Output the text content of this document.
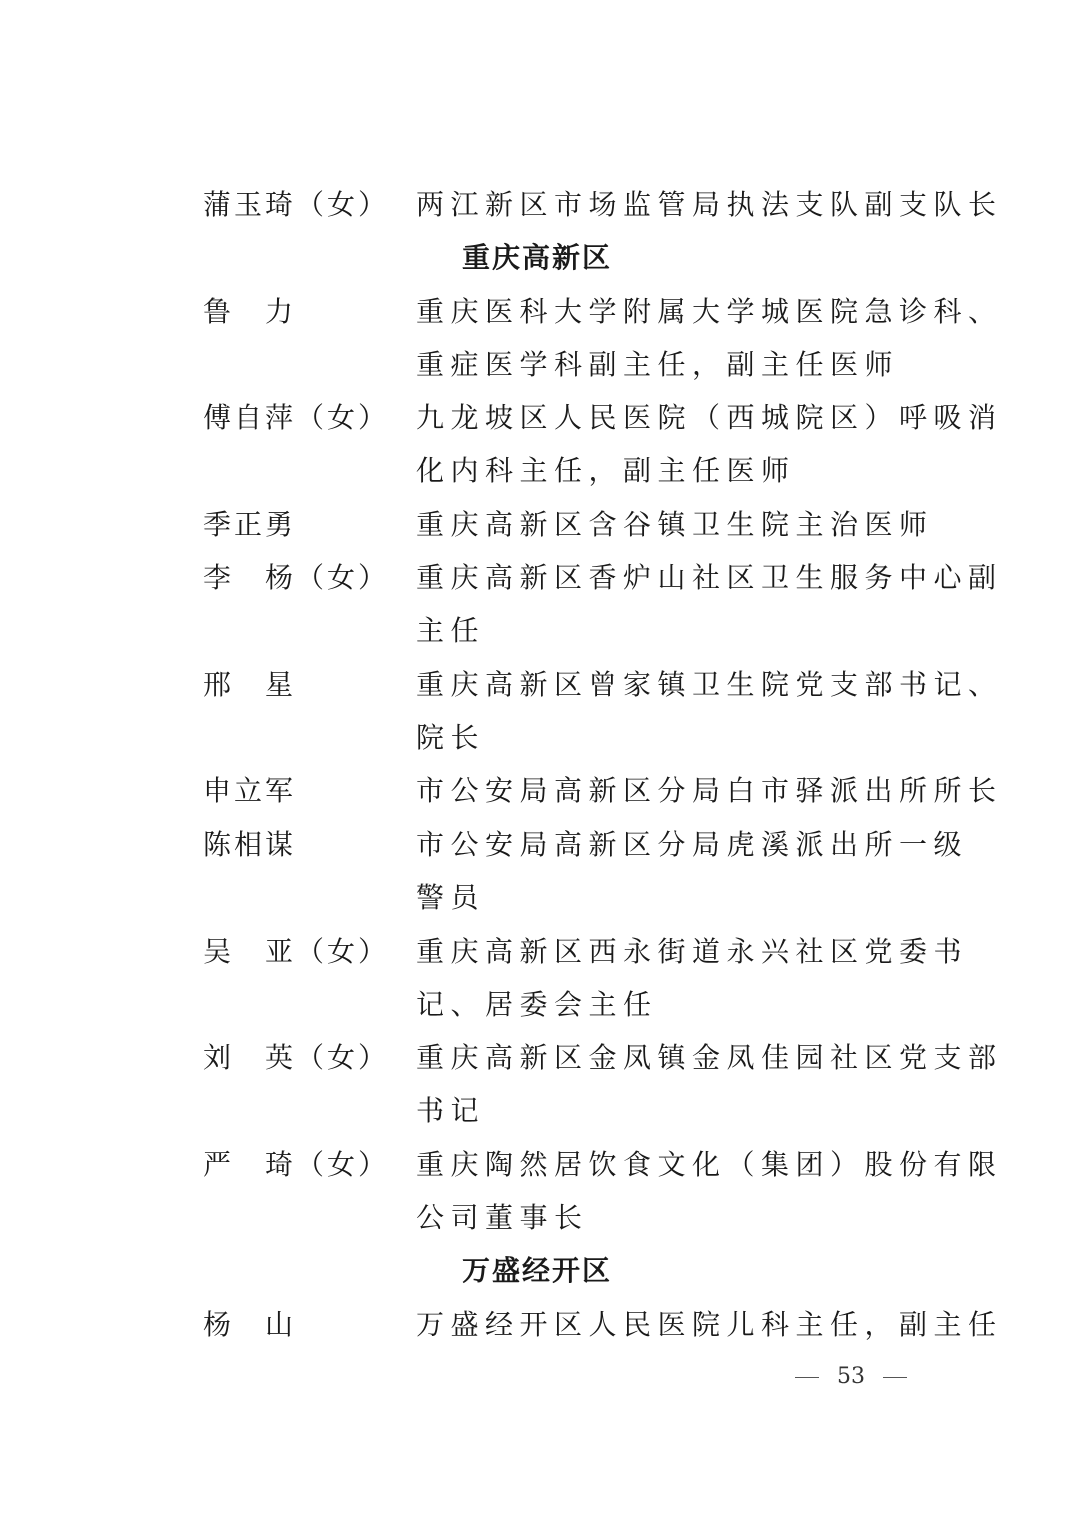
蒲玉琦（女） 两江新区市场监管局执法支队副支队长
重庆高新区
鲁　力	重庆医科大学附属大学城医院急诊科、
重症医学科副主任，副主任医师
傅自萍（女） 九龙坡区人民医院（西城院区）呼吸消
化内科主任，副主任医师
季正勇	重庆高新区含谷镇卫生院主治医师
李　杨（女） 重庆高新区香炉山社区卫生服务中心副
主任
邢　星	重庆高新区曾家镇卫生院党支部书记、
院长
申立军	市公安局高新区分局白市驿派出所所长
陈相谋	市公安局高新区分局虎溪派出所一级
警员
吴　亚（女） 重庆高新区西永街道永兴社区党委书
记、居委会主任
刘　英（女） 重庆高新区金凤镇金凤佳园社区党支部
书记
严　琦（女） 重庆陶然居饮食文化（集团）股份有限
公司董事长
万盛经开区
杨　山	万盛经开区人民医院儿科主任，副主任
53
